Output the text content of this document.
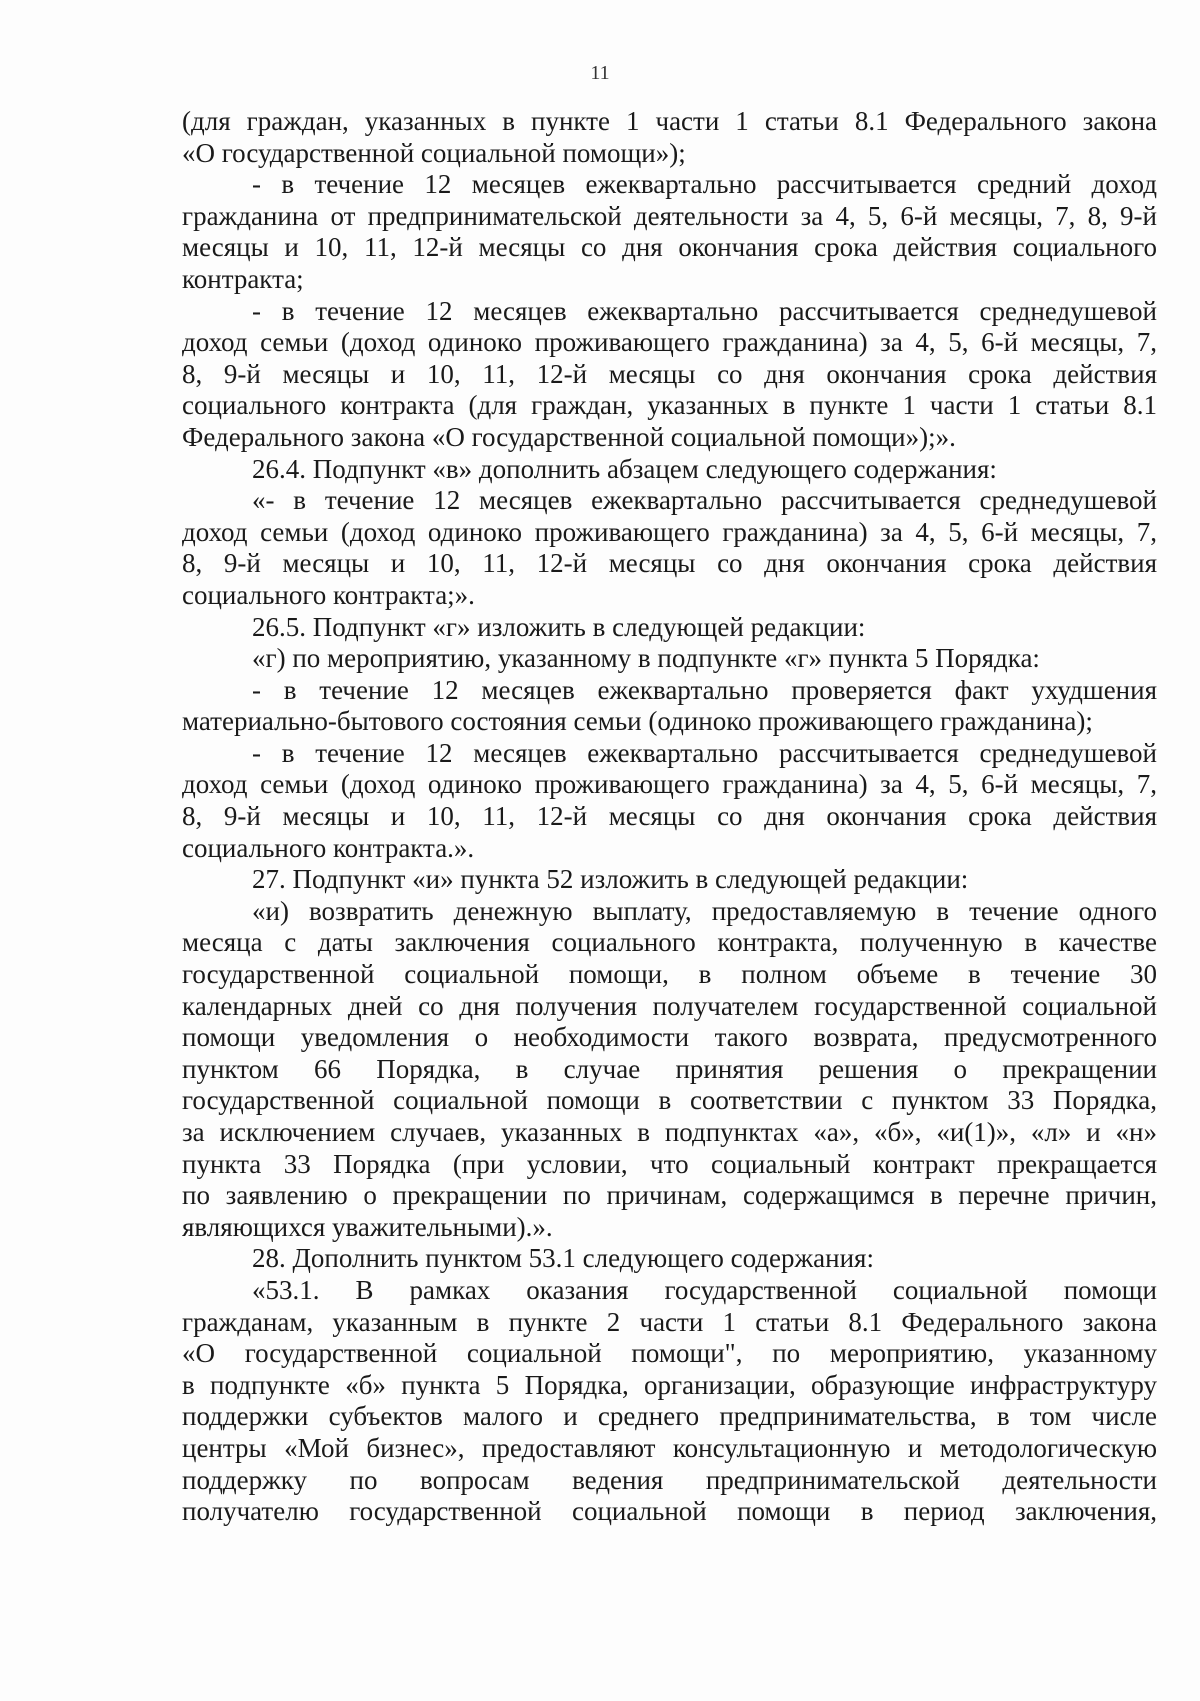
11
(для граждан, указанных в пункте 1 части 1 статьи 8.1 Федерального закона
«О государственной социальной помощи»);
- в течение 12 месяцев ежеквартально рассчитывается средний доход
гражданина от предпринимательской деятельности за 4, 5, 6-й месяцы, 7, 8, 9-й
месяцы и 10, 11, 12-й месяцы со дня окончания срока действия социального
контракта;
- в течение 12 месяцев ежеквартально рассчитывается среднедушевой
доход семьи (доход одиноко проживающего гражданина) за 4, 5, 6-й месяцы, 7,
8, 9-й месяцы и 10, 11, 12-й месяцы со дня окончания срока действия
социального контракта (для граждан, указанных в пункте 1 части 1 статьи 8.1
Федерального закона «О государственной социальной помощи»);».
26.4. Подпункт «в» дополнить абзацем следующего содержания:
«- в течение 12 месяцев ежеквартально рассчитывается среднедушевой
доход семьи (доход одиноко проживающего гражданина) за 4, 5, 6-й месяцы, 7,
8, 9-й месяцы и 10, 11, 12-й месяцы со дня окончания срока действия
социального контракта;».
26.5. Подпункт «г» изложить в следующей редакции:
«г) по мероприятию, указанному в подпункте «г» пункта 5 Порядка:
- в течение 12 месяцев ежеквартально проверяется факт ухудшения
материально-бытового состояния семьи (одиноко проживающего гражданина);
- в течение 12 месяцев ежеквартально рассчитывается среднедушевой
доход семьи (доход одиноко проживающего гражданина) за 4, 5, 6-й месяцы, 7,
8, 9-й месяцы и 10, 11, 12-й месяцы со дня окончания срока действия
социального контракта.».
27. Подпункт «и» пункта 52 изложить в следующей редакции:
«и) возвратить денежную выплату, предоставляемую в течение одного
месяца с даты заключения социального контракта, полученную в качестве
государственной социальной помощи, в полном объеме в течение 30
календарных дней со дня получения получателем государственной социальной
помощи уведомления о необходимости такого возврата, предусмотренного
пунктом 66 Порядка, в случае принятия решения о прекращении
государственной социальной помощи в соответствии с пунктом 33 Порядка,
за исключением случаев, указанных в подпунктах «а», «б», «и(1)», «л» и «н»
пункта 33 Порядка (при условии, что социальный контракт прекращается
по заявлению о прекращении по причинам, содержащимся в перечне причин,
являющихся уважительными).».
28. Дополнить пунктом 53.1 следующего содержания:
«53.1. В рамках оказания государственной социальной помощи
гражданам, указанным в пункте 2 части 1 статьи 8.1 Федерального закона
«О государственной социальной помощи", по мероприятию, указанному
в подпункте «б» пункта 5 Порядка, организации, образующие инфраструктуру
поддержки субъектов малого и среднего предпринимательства, в том числе
центры «Мой бизнес», предоставляют консультационную и методологическую
поддержку по вопросам ведения предпринимательской деятельности
получателю государственной социальной помощи в период заключения,
